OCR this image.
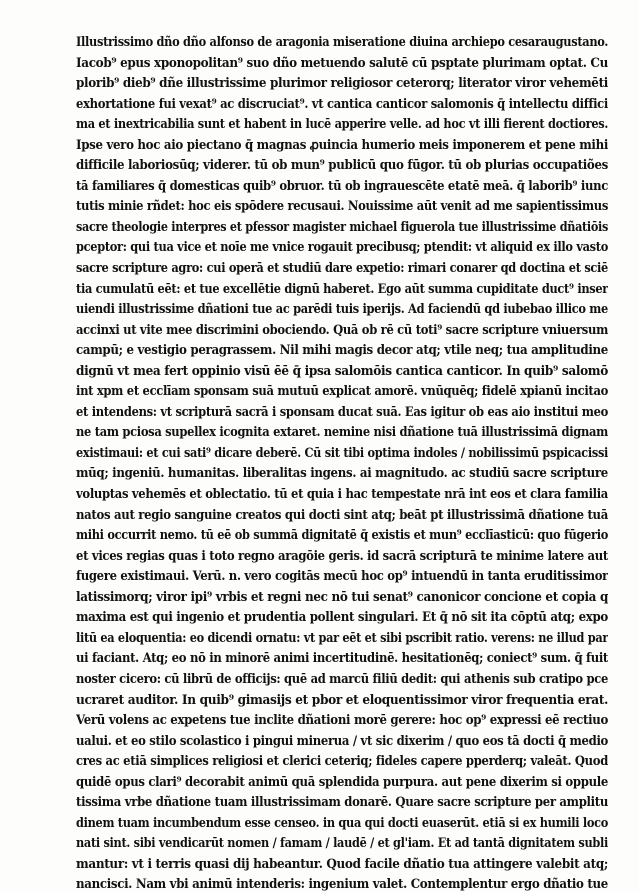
Illustrissimo dño dño alfonso de aragonia miseratione diuina archiepo cesaraugustano.
Iacob⁹ epus xponopolitan⁹ suo dño metuendo salutē cū psptate plurimam optat. Cu
plorib⁹ dieb⁹ dñe illustrissime plurimor religiosor ceterorq; literator viror vehemēti
exhortatione fui vexat⁹ ac discruciat⁹. vt cantica canticor salomonis q̄ intellectu diffici
ma et inextricabilia sunt et habent in lucē apperire velle. ad hoc vt illi fierent doctiores.
Ipse vero hoc aio piectano q̄ magnas ꝓuincia humerio meis imponerem et pene mihi
difficile laboriosūq; viderer. tū ob mun⁹ publicū quo fūgor. tū ob plurias occupatiões
tā familiares q̄ domesticas quib⁹ obruor. tū ob ingrauescēte etatē meā. q̄ laborib⁹ iunc
tutis minie rñdet: hoc eis spōdere recusaui. Nouissime aūt venit ad me sapientissimus
sacre theologie interpres et pfessor magister michael figuerola tue illustrissime dñatiōis
pceptor: qui tua vice et noīe me vnice rogauit precibusq; ptendit: vt aliquid ex illo vasto
sacre scripture agro: cui operā et studiū dare expetio: rimari conarer qd doctina et sciē
tia cumulatū eēt: et tue excellētie dignū haberet. Ego aūt summa cupiditate duct⁹ inser
uiendi illustrissime dñationi tue ac parēdi tuis iperijs. Ad faciendū qd iubebao illico me
accinxi ut vite mee discrimini obociendo. Quā ob rē cū toti⁹ sacre scripture vniuersum
campū; e vestigio peragrassem. Nil mihi magis decor atq; vtile neq; tua amplitudine
dignū vt mea fert oppinio visū ēē q̄ ipsa salomōis cantica canticor. In quib⁹ salomō
int xpm et ecclīam sponsam suā mutuū explicat amorē. vnūquēq; fidelē xpianū incitao
et intendens: vt scripturā sacrā i sponsam ducat suā. Eas igitur ob eas aio institui meo
ne tam pciosa supellex icognita extaret. nemine nisi dñatione tuā illustrissimā dignam
existimaui: et cui sati⁹ dicare deberē. Cū sit tibi optima indoles / nobilissimū pspicacissi
mūq; ingeniū. humanitas. liberalitas ingens. ai magnitudo. ac studiū sacre scripture
voluptas vehemēs et oblectatio. tū et quia i hac tempestate nrā int eos et clara familia
natos aut regio sanguine creatos qui docti sint atq; beāt pt illustrissimā dñatione tuā
mihi occurrit nemo. tū eē ob summā dignitatē q̄ existis et mun⁹ ecclīasticū: quo fūgerio
et vices regias quas i toto regno aragōie geris. id sacrā scripturā te minime latere aut
fugere existimaui. Verū. n. vero cogitās mecū hoc op⁹ intuendū in tanta eruditissimor
latissimorq; viror ipi⁹ vrbis et regni nec nō tui senat⁹ canonicor concione et copia q
maxima est qui ingenio et prudentia pollent singulari. Et q̄ nō sit ita cōptū atq; expo
litū ea eloquentia: eo dicendi ornatu: vt par eēt et sibi pscribit ratio. verens: ne illud par
ui faciant. Atq; eo nō in minorē animi incertitudinē. hesitationēq; coniect⁹ sum. q̄ fuit
noster cicero: cū librū de officijs: quē ad marcū filiū dedit: qui athenis sub cratipo pce
ucraret auditor. In quib⁹ gimasijs et pbor et eloquentissimor viror frequentia erat.
Verū volens ac expetens tue inclite dñationi morē gerere: hoc op⁹ expressi eē rectiuo
ualui. et eo stilo scolastico i pingui minerua / vt sic dixerim / quo eos tā docti q̄ medio
cres ac etiā simplices religiosi et clerici ceteriq; fideles capere pperderq; valeāt. Quod
quidē opus clari⁹ decorabit animū quā splendida purpura. aut pene dixerim si oppule
tissima vrbe dñatione tuam illustrissimam donarē. Quare sacre scripture per amplitu
dinem tuam incumbendum esse censeo. in qua qui docti euaserūt. etiā si ex humili loco
nati sint. sibi vendicarūt nomen / famam / laudē / et gl'iam. Et ad tantā dignitatem subli
mantur: vt i terris quasi dij habeantur. Quod facile dñatio tua attingere valebit atq;
nancisci. Nam vbi animū intenderis: ingenium valet. Contemplentur ergo dñatio tue
